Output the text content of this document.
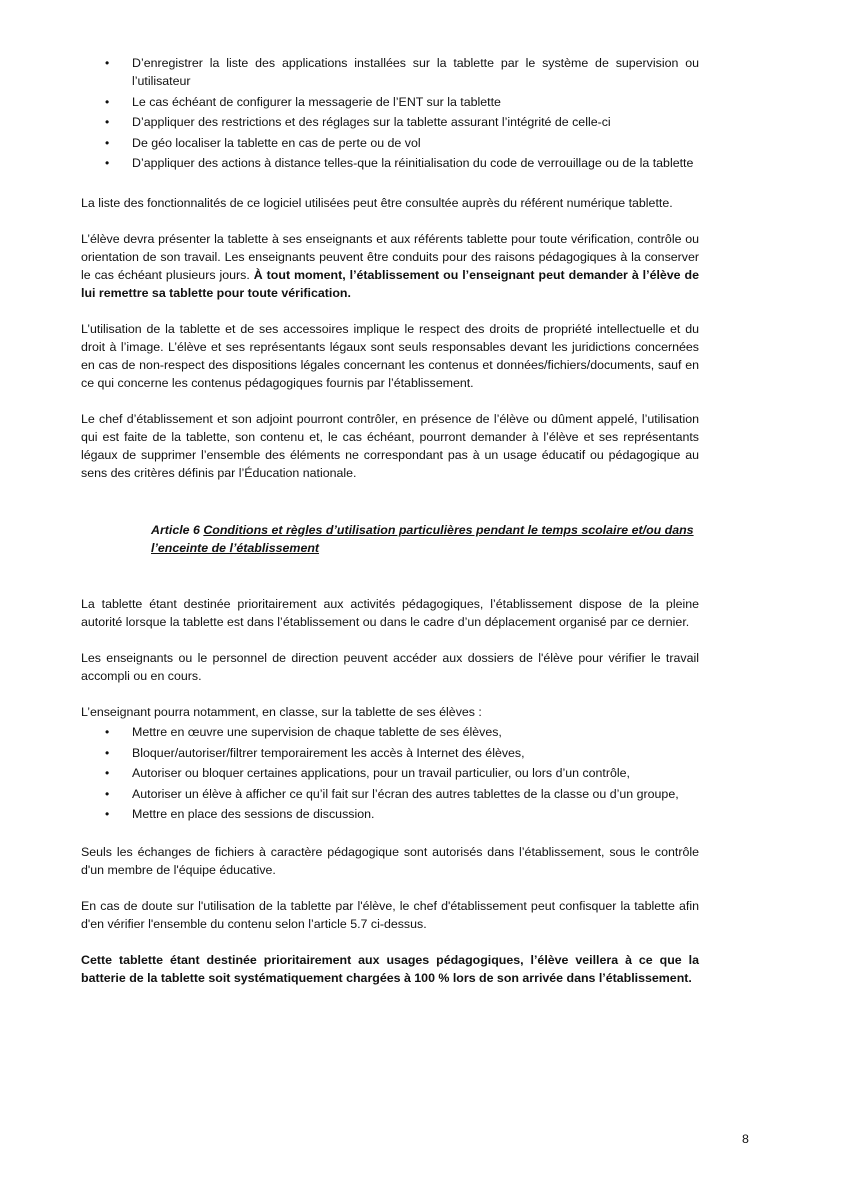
• D’enregistrer la liste des applications installées sur la tablette par le système de supervision ou l’utilisateur
• Le cas échéant de configurer la messagerie de l’ENT sur la tablette
• D’appliquer des restrictions et des réglages sur la tablette assurant l’intégrité de celle-ci
• De géo localiser la tablette en cas de perte ou de vol
• D’appliquer des actions à distance telles-que la réinitialisation du code de verrouillage ou de la tablette

La liste des fonctionnalités de ce logiciel utilisées peut être consultée auprès du référent numérique tablette.

L’élève devra présenter la tablette à ses enseignants et aux référents tablette pour toute vérification, contrôle ou orientation de son travail. Les enseignants peuvent être conduits pour des raisons pédagogiques à la conserver le cas échéant plusieurs jours. À tout moment, l’établissement ou l’enseignant peut demander à l’élève de lui remettre sa tablette pour toute vérification.

L’utilisation de la tablette et de ses accessoires implique le respect des droits de propriété intellectuelle et du droit à l’image. L’élève et ses représentants légaux sont seuls responsables devant les juridictions concernées en cas de non-respect des dispositions légales concernant les contenus et données/fichiers/documents, sauf en ce qui concerne les contenus pédagogiques fournis par l’établissement.

Le chef d’établissement et son adjoint pourront contrôler, en présence de l’élève ou dûment appelé, l’utilisation qui est faite de la tablette, son contenu et, le cas échéant, pourront demander à l’élève et ses représentants légaux de supprimer l’ensemble des éléments ne correspondant pas à un usage éducatif ou pédagogique au sens des critères définis par l’Éducation nationale.

Article 6 Conditions et règles d’utilisation particulières pendant le temps scolaire et/ou dans l’enceinte de l’établissement

La tablette étant destinée prioritairement aux activités pédagogiques, l’établissement dispose de la pleine autorité lorsque la tablette est dans l’établissement ou dans le cadre d’un déplacement organisé par ce dernier.

Les enseignants ou le personnel de direction peuvent accéder aux dossiers de l'élève pour vérifier le travail accompli ou en cours.

L’enseignant pourra notamment, en classe, sur la tablette de ses élèves :

• Mettre en œuvre une supervision de chaque tablette de ses élèves,
• Bloquer/autoriser/filtrer temporairement les accès à Internet des élèves,
• Autoriser ou bloquer certaines applications, pour un travail particulier, ou lors d’un contrôle,
• Autoriser un élève à afficher ce qu’il fait sur l’écran des autres tablettes de la classe ou d’un groupe,
• Mettre en place des sessions de discussion.

Seuls les échanges de fichiers à caractère pédagogique sont autorisés dans l’établissement, sous le contrôle d'un membre de l'équipe éducative.

En cas de doute sur l'utilisation de la tablette par l'élève, le chef d'établissement peut confisquer la tablette afin d'en vérifier l'ensemble du contenu selon l’article 5.7 ci-dessus.

Cette tablette étant destinée prioritairement aux usages pédagogiques, l’élève veillera à ce que la batterie de la tablette soit systématiquement chargées à 100 % lors de son arrivée dans l’établissement.

8
